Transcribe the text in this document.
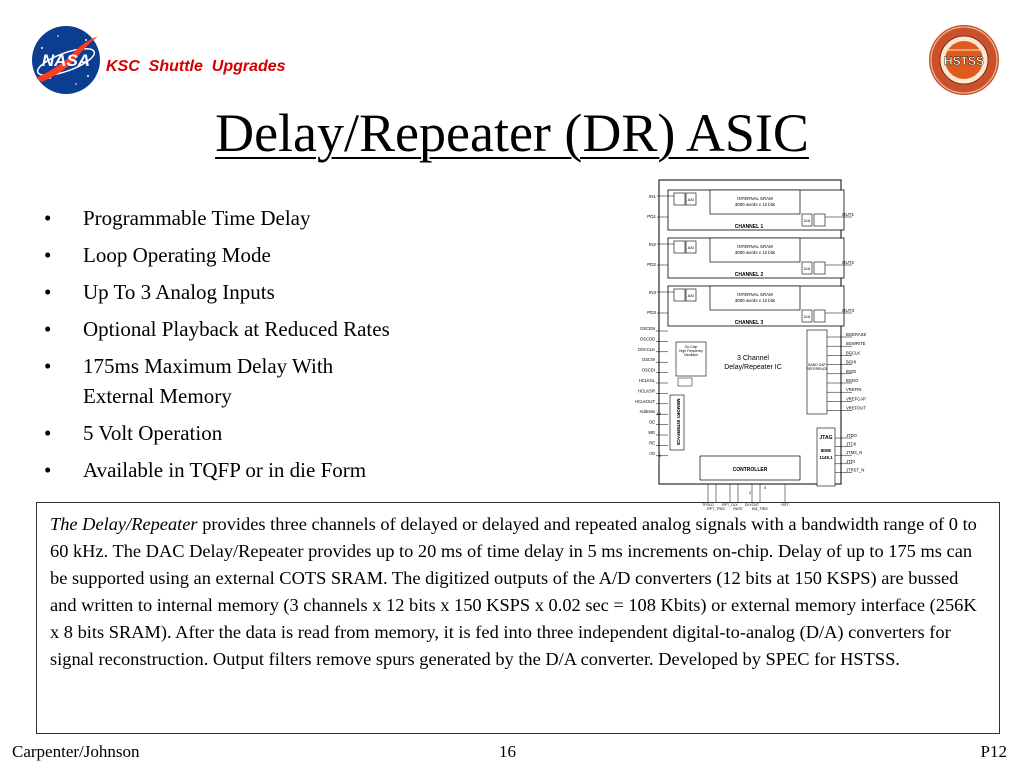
NASA KSC  Shuttle  Upgrades	HSTSS
Delay/Repeater (DR) ASIC
• Programmable Time Delay
• Loop Operating Mode
• Up To 3 Analog Inputs
• Optional Playback at Reduced Rates
• 175ms Maximum Delay With External Memory
• 5 Volt Operation
• Available in TQFP or in die Form
IN1
PD1
A/D	INTERNAL SRAM
3000 words x 12 bits
D/A
OUT1
CHANNEL 1
IN2
PD2
A/D	INTERNAL SRAM
3000 words x 12 bits
D/A
OUT2
CHANNEL 2
IN3
PD3
A/D	INTERNAL SRAM
3000 words x 12 bits
D/A
OUT3
CHANNEL 3
OSCEN
OSCDD
OSCCLK
OSCW
OSCDI
HCLKSL
HCLKSR
HCLKOUT
Address
OE
WE
RE
I/O
19
8
On-Chip
High Frequency
Oscillator
MEMORY INTERFACE
3 Channel
Delay/Repeater IC	BAND GAP
REFERENCE
BGERASE
BGWRITE
BGCLK
BGHI
BGDI
BGDO
VREFIN
VREFCAP
VREFOUT
JTAG
IEEE
1149.1
JTDO
JTCK
JTMS_N
JTDI
JTRST_N
CONTROLLER
TPOLD
RPT_TRIG
RPT_DLY
RATE
DLYCNT
EM_TRIG
RST
2
4
The Delay/Repeater provides three channels of delayed or delayed and repeated analog signals with a bandwidth range of 0 to 60 kHz. The DAC Delay/Repeater provides up to 20 ms of time delay in 5 ms increments on-chip. Delay of up to 175 ms can be supported using an external COTS SRAM. The digitized outputs of the A/D converters (12 bits at 150 KSPS) are bussed and written to internal memory (3 channels x 12 bits x 150 KSPS x 0.02 sec = 108 Kbits) or external memory interface (256K x 8 bits SRAM). After the data is read from memory, it is fed into three independent digital-to-analog (D/A) converters for signal reconstruction. Output filters remove spurs generated by the D/A converter. Developed by SPEC for HSTSS.
Carpenter/Johnson	16	P12
